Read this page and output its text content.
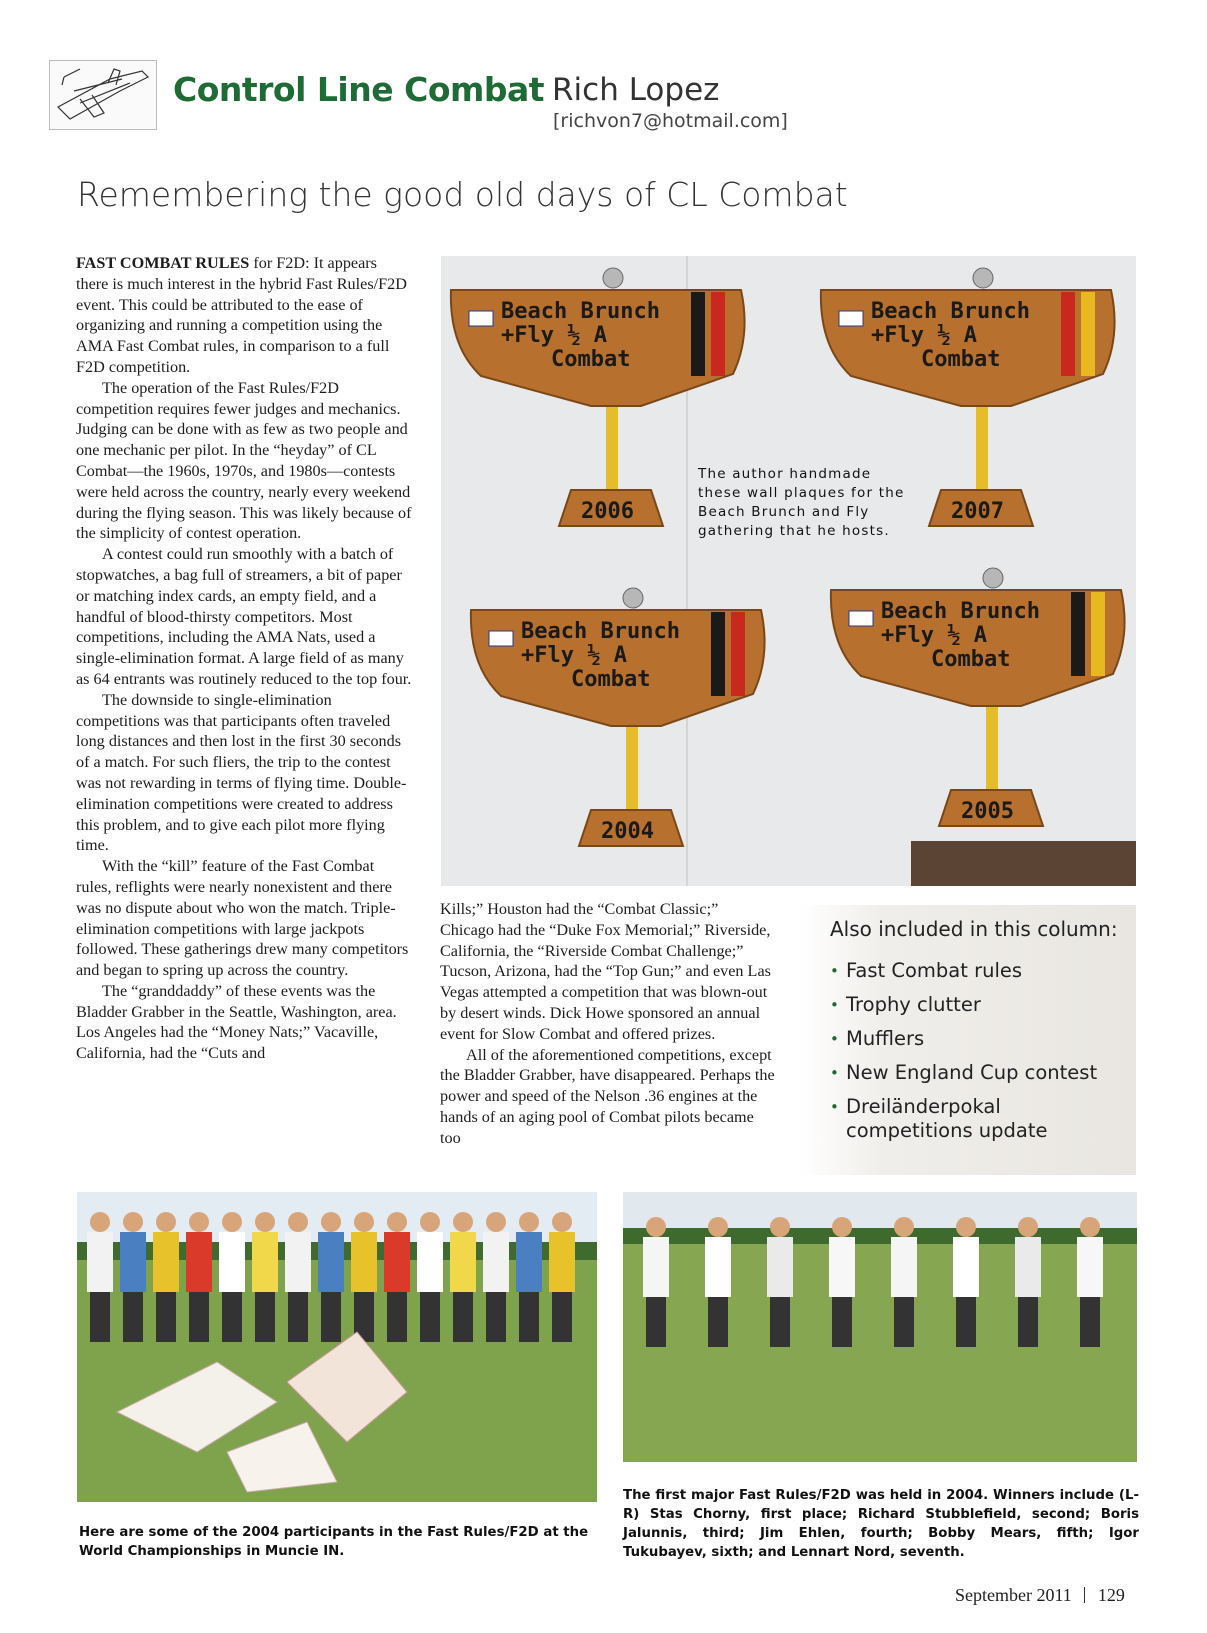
Control Line Combat Rich Lopez
[richvon7@hotmail.com]
Remembering the good old days of CL Combat

FAST COMBAT RULES for F2D: It appears there is much interest in the hybrid Fast Rules/F2D event. This could be attributed to the ease of organizing and running a competition using the AMA Fast Combat rules, in comparison to a full F2D competition.

The operation of the Fast Rules/F2D competition requires fewer judges and mechanics. Judging can be done with as few as two people and one mechanic per pilot. In the “heyday” of CL Combat—the 1960s, 1970s, and 1980s—contests were held across the country, nearly every weekend during the flying season. This was likely because of the simplicity of contest operation.

A contest could run smoothly with a batch of stopwatches, a bag full of streamers, a bit of paper or matching index cards, an empty field, and a handful of blood-thirsty competitors. Most competitions, including the AMA Nats, used a single-elimination format. A large field of as many as 64 entrants was routinely reduced to the top four.

The downside to single-elimination competitions was that participants often traveled long distances and then lost in the first 30 seconds of a match. For such fliers, the trip to the contest was not rewarding in terms of flying time. Double-elimination competitions were created to address this problem, and to give each pilot more flying time.

With the “kill” feature of the Fast Combat rules, reflights were nearly nonexistent and there was no dispute about who won the match. Triple-elimination competitions with large jackpots followed. These gatherings drew many competitors and began to spring up across the country.

The “granddaddy” of these events was the Bladder Grabber in the Seattle, Washington, area. Los Angeles had the “Money Nats;” Vacaville, California, had the “Cuts and

Beach Brunch
+Fly ½ A
Combat
2006
Beach Brunch
+Fly ½ A
Combat
2007
Beach Brunch
+Fly ½ A
Combat
2004
Beach Brunch
+Fly ½ A
Combat
2005
The author handmade these wall plaques for the Beach Brunch and Fly gathering that he hosts.

Kills;” Houston had the “Combat Classic;” Chicago had the “Duke Fox Memorial;” Riverside, California, the “Riverside Combat Challenge;” Tucson, Arizona, had the “Top Gun;” and even Las Vegas attempted a competition that was blown-out by desert winds. Dick Howe sponsored an annual event for Slow Combat and offered prizes.

All of the aforementioned competitions, except the Bladder Grabber, have disappeared. Perhaps the power and speed of the Nelson .36 engines at the hands of an aging pool of Combat pilots became too

Also included in this column:
• Fast Combat rules
• Trophy clutter
• Mufflers
• New England Cup contest
• Dreiländerpokal competitions update
Here are some of the 2004 participants in the Fast Rules/F2D at the World Championships in Muncie IN.
The first major Fast Rules/F2D was held in 2004. Winners include (L-R) Stas Chorny, first place; Richard Stubblefield, second; Boris Jalunnis, third; Jim Ehlen, fourth; Bobby Mears, fifth; Igor Tukubayev, sixth; and Lennart Nord, seventh.
September 2011 129
